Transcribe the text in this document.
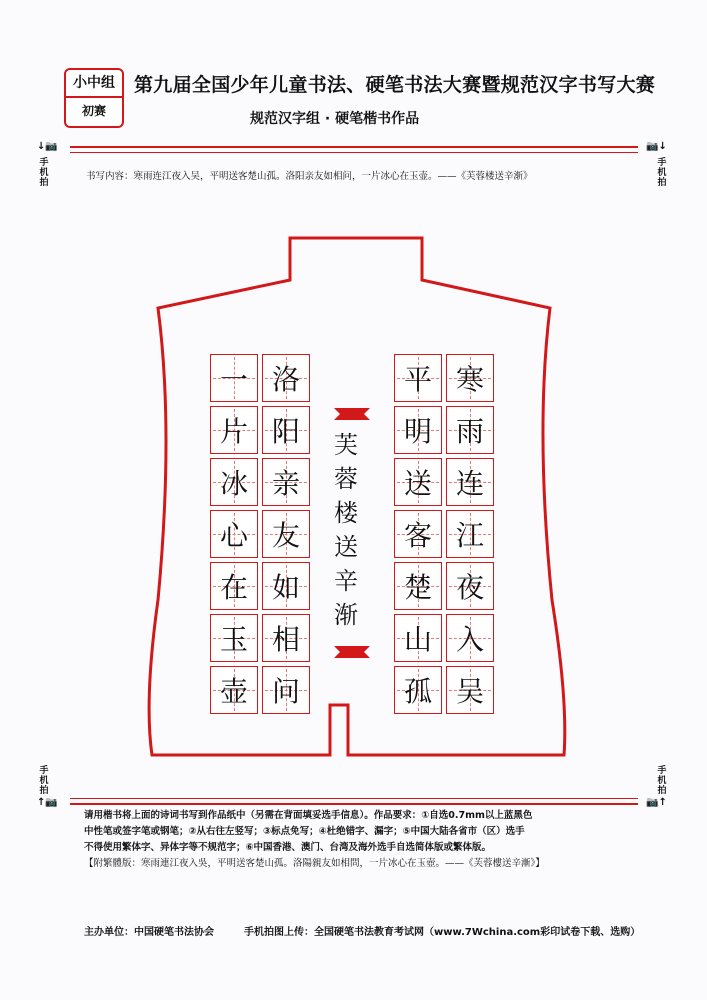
小中组
初赛
第九届全国少年儿童书法、硬笔书法大赛暨规范汉字书写大赛
规范汉字组 · 硬笔楷书作品
↓📷	📷↓
手机拍
手机拍
书写内容：寒雨连江夜入吴，平明送客楚山孤。洛阳亲友如相问，一片冰心在玉壶。——《芙蓉楼送辛渐》
寒
雨
连
江
夜
入
吴
平
明
送
客
楚
山
孤
洛
阳
亲
友
如
相
问
一
片
冰
心
在
玉
壶
芙
蓉
楼
送
辛
渐
手机拍
手机拍
↑📷	📷↑

请用楷书将上面的诗词书写到作品纸中（另需在背面填妥选手信息）。作品要求：①自选0.7mm以上蓝黑色

中性笔或签字笔或钢笔；②从右往左竖写；③标点免写；④杜绝错字、漏字；⑤中国大陆各省市（区）选手

不得使用繁体字、异体字等不规范字；⑥中国香港、澳门、台湾及海外选手自选简体版或繁体版。

【附繁體版：寒雨連江夜入吳，平明送客楚山孤。洛陽親友如相問，一片冰心在玉壺。——《芙蓉樓送辛漸》】

主办单位：中国硬笔书法协会	手机拍图上传：全国硬笔书法教育考试网（www.7Wchina.com彩印试卷下载、选购）
